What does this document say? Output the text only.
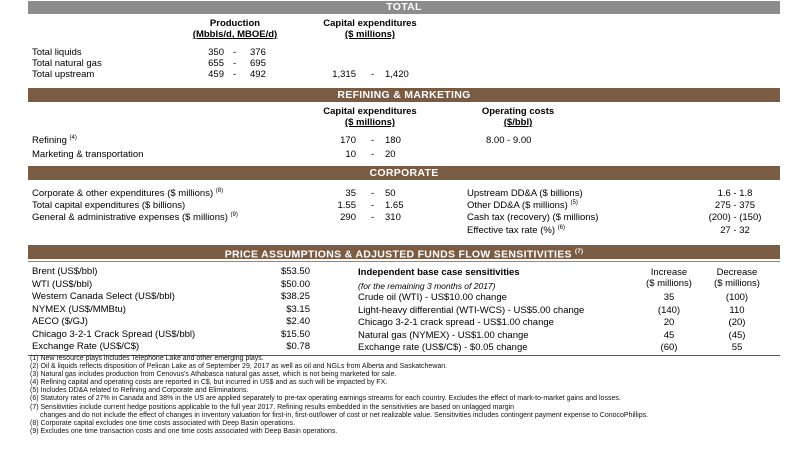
TOTAL
Production
(Mbbls/d, MBOE/d)
Capital expenditures
($ millions)
Total liquids	350 - 376
Total natural gas	655 - 695
Total upstream	459 - 492	1,315 - 1,420
REFINING & MARKETING
Capital expenditures
($ millions)
Operating costs
($/bbl)
Refining $^{(4)}$	170 - 180	8.00 - 9.00
Marketing & transportation	10 - 20
CORPORATE
Corporate & other expenditures ($ millions) $^{(8)}$	35 - 50
Total capital expenditures ($ billions)	1.55 - 1.65
General & administrative expenses ($ millions) $^{(9)}$	290 - 310
Upstream DD&A ($ billions)	1.6 - 1.8
Other DD&A ($ millions) $^{(5)}$	275 - 375
Cash tax (recovery) ($ millions)	(200) - (150)
Effective tax rate (%) $^{(6)}$	27 - 32
PRICE ASSUMPTIONS & ADJUSTED FUNDS FLOW SENSITIVITIES $^{(7)}$
Brent (US$/bbl)	$53.50
WTI (US$/bbl)	$50.00
Western Canada Select (US$/bbl)	$38.25
NYMEX (US$/MMBtu)	$3.15
AECO ($/GJ)	$2.40
Chicago 3-2-1 Crack Spread (US$/bbl)	$15.50
Exchange Rate (US$/C$)	$0.78
Independent base case sensitivities
(for the remaining 3 months of 2017)
Increase
($ millions)
Decrease
($ millions)
Crude oil (WTI) - US$10.00 change	35	(100)
Light-heavy differential (WTI-WCS) - US$5.00 change	(140)	110
Chicago 3-2-1 crack spread - US$1.00 change	20	(20)
Natural gas (NYMEX) - US$1.00 change	45	(45)
Exchange rate (US$/C$) - $0.05 change	(60)	55
(1) New resource plays includes Telephone Lake and other emerging plays.
(2) Oil & liquids reflects disposition of Pelican Lake as of September 29, 2017 as well as oil and NGLs from Alberta and Saskatchewan.
(3) Natural gas includes production from Cenovus's Athabasca natural gas asset, which is not being marketed for sale.
(4) Refining capital and operating costs are reported in C$, but incurred in US$ and as such will be impacted by FX.
(5) Includes DD&A related to Refining and Corporate and Eliminations.
(6) Statutory rates of 27% in Canada and 38% in the US are applied separately to pre-tax operating earnings streams for each country. Excludes the effect of mark-to-market gains and losses.
(7) Sensitivities include current hedge positions applicable to the full year 2017. Refining results embedded in the sensitivities are based on unlagged margin
changes and do not include the effect of changes in inventory valuation for first-in, first-out/lower of cost or net realizable value. Sensitivities includes contingent payment expense to ConocoPhillips.
(8) Corporate capital excludes one time costs associated with Deep Basin operations.
(9) Excludes one time transaction costs and one time costs associated with Deep Basin operations.
